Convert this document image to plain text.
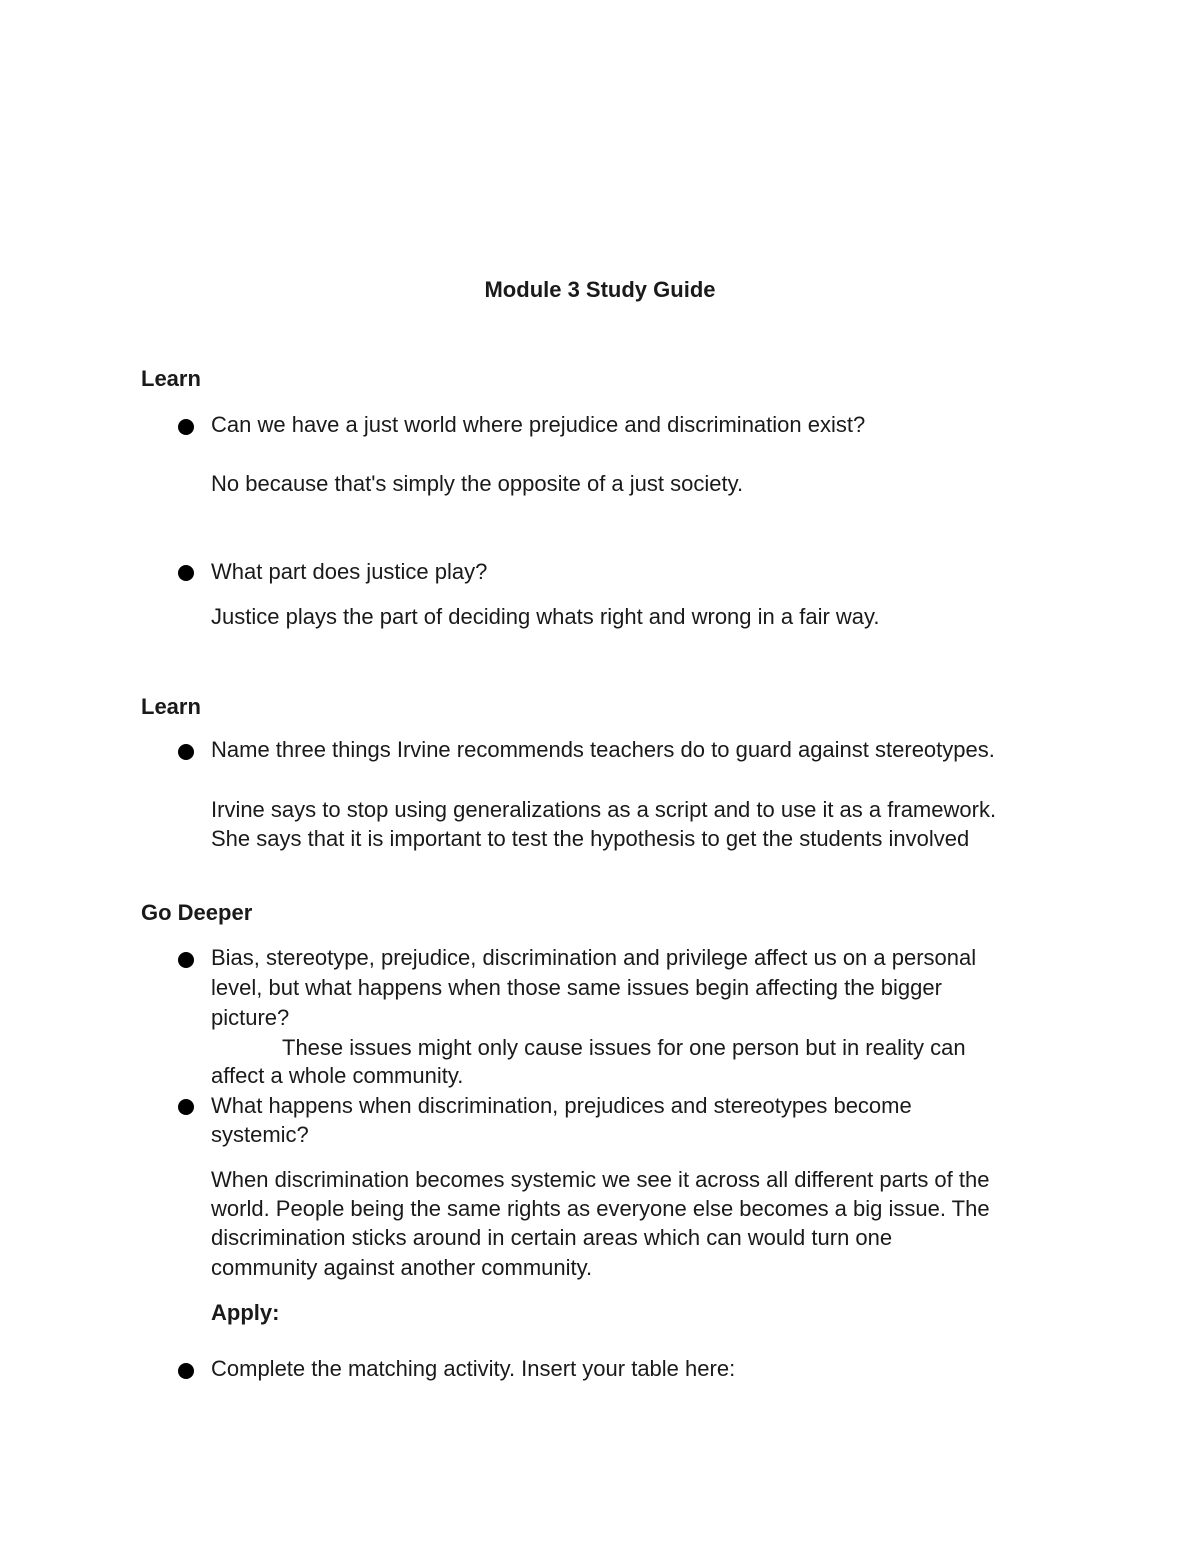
Module 3 Study Guide
Learn
Can we have a just world where prejudice and discrimination exist?
No because that's simply the opposite of a just society.
What part does justice play?
Justice plays the part of deciding whats right and wrong in a fair way.
Learn
Name three things Irvine recommends teachers do to guard against stereotypes.
Irvine says to stop using generalizations as a script and to use it as a framework.
She says that it is important to test the hypothesis to get the students involved
Go Deeper
Bias, stereotype, prejudice, discrimination and privilege affect us on a personal
level, but what happens when those same issues begin affecting the bigger
picture?
These issues might only cause issues for one person but in reality can
affect a whole community.
What happens when discrimination, prejudices and stereotypes become
systemic?
When discrimination becomes systemic we see it across all different parts of the
world. People being the same rights as everyone else becomes a big issue. The
discrimination sticks around in certain areas which can would turn one
community against another community.
Apply:
Complete the matching activity. Insert your table here:
